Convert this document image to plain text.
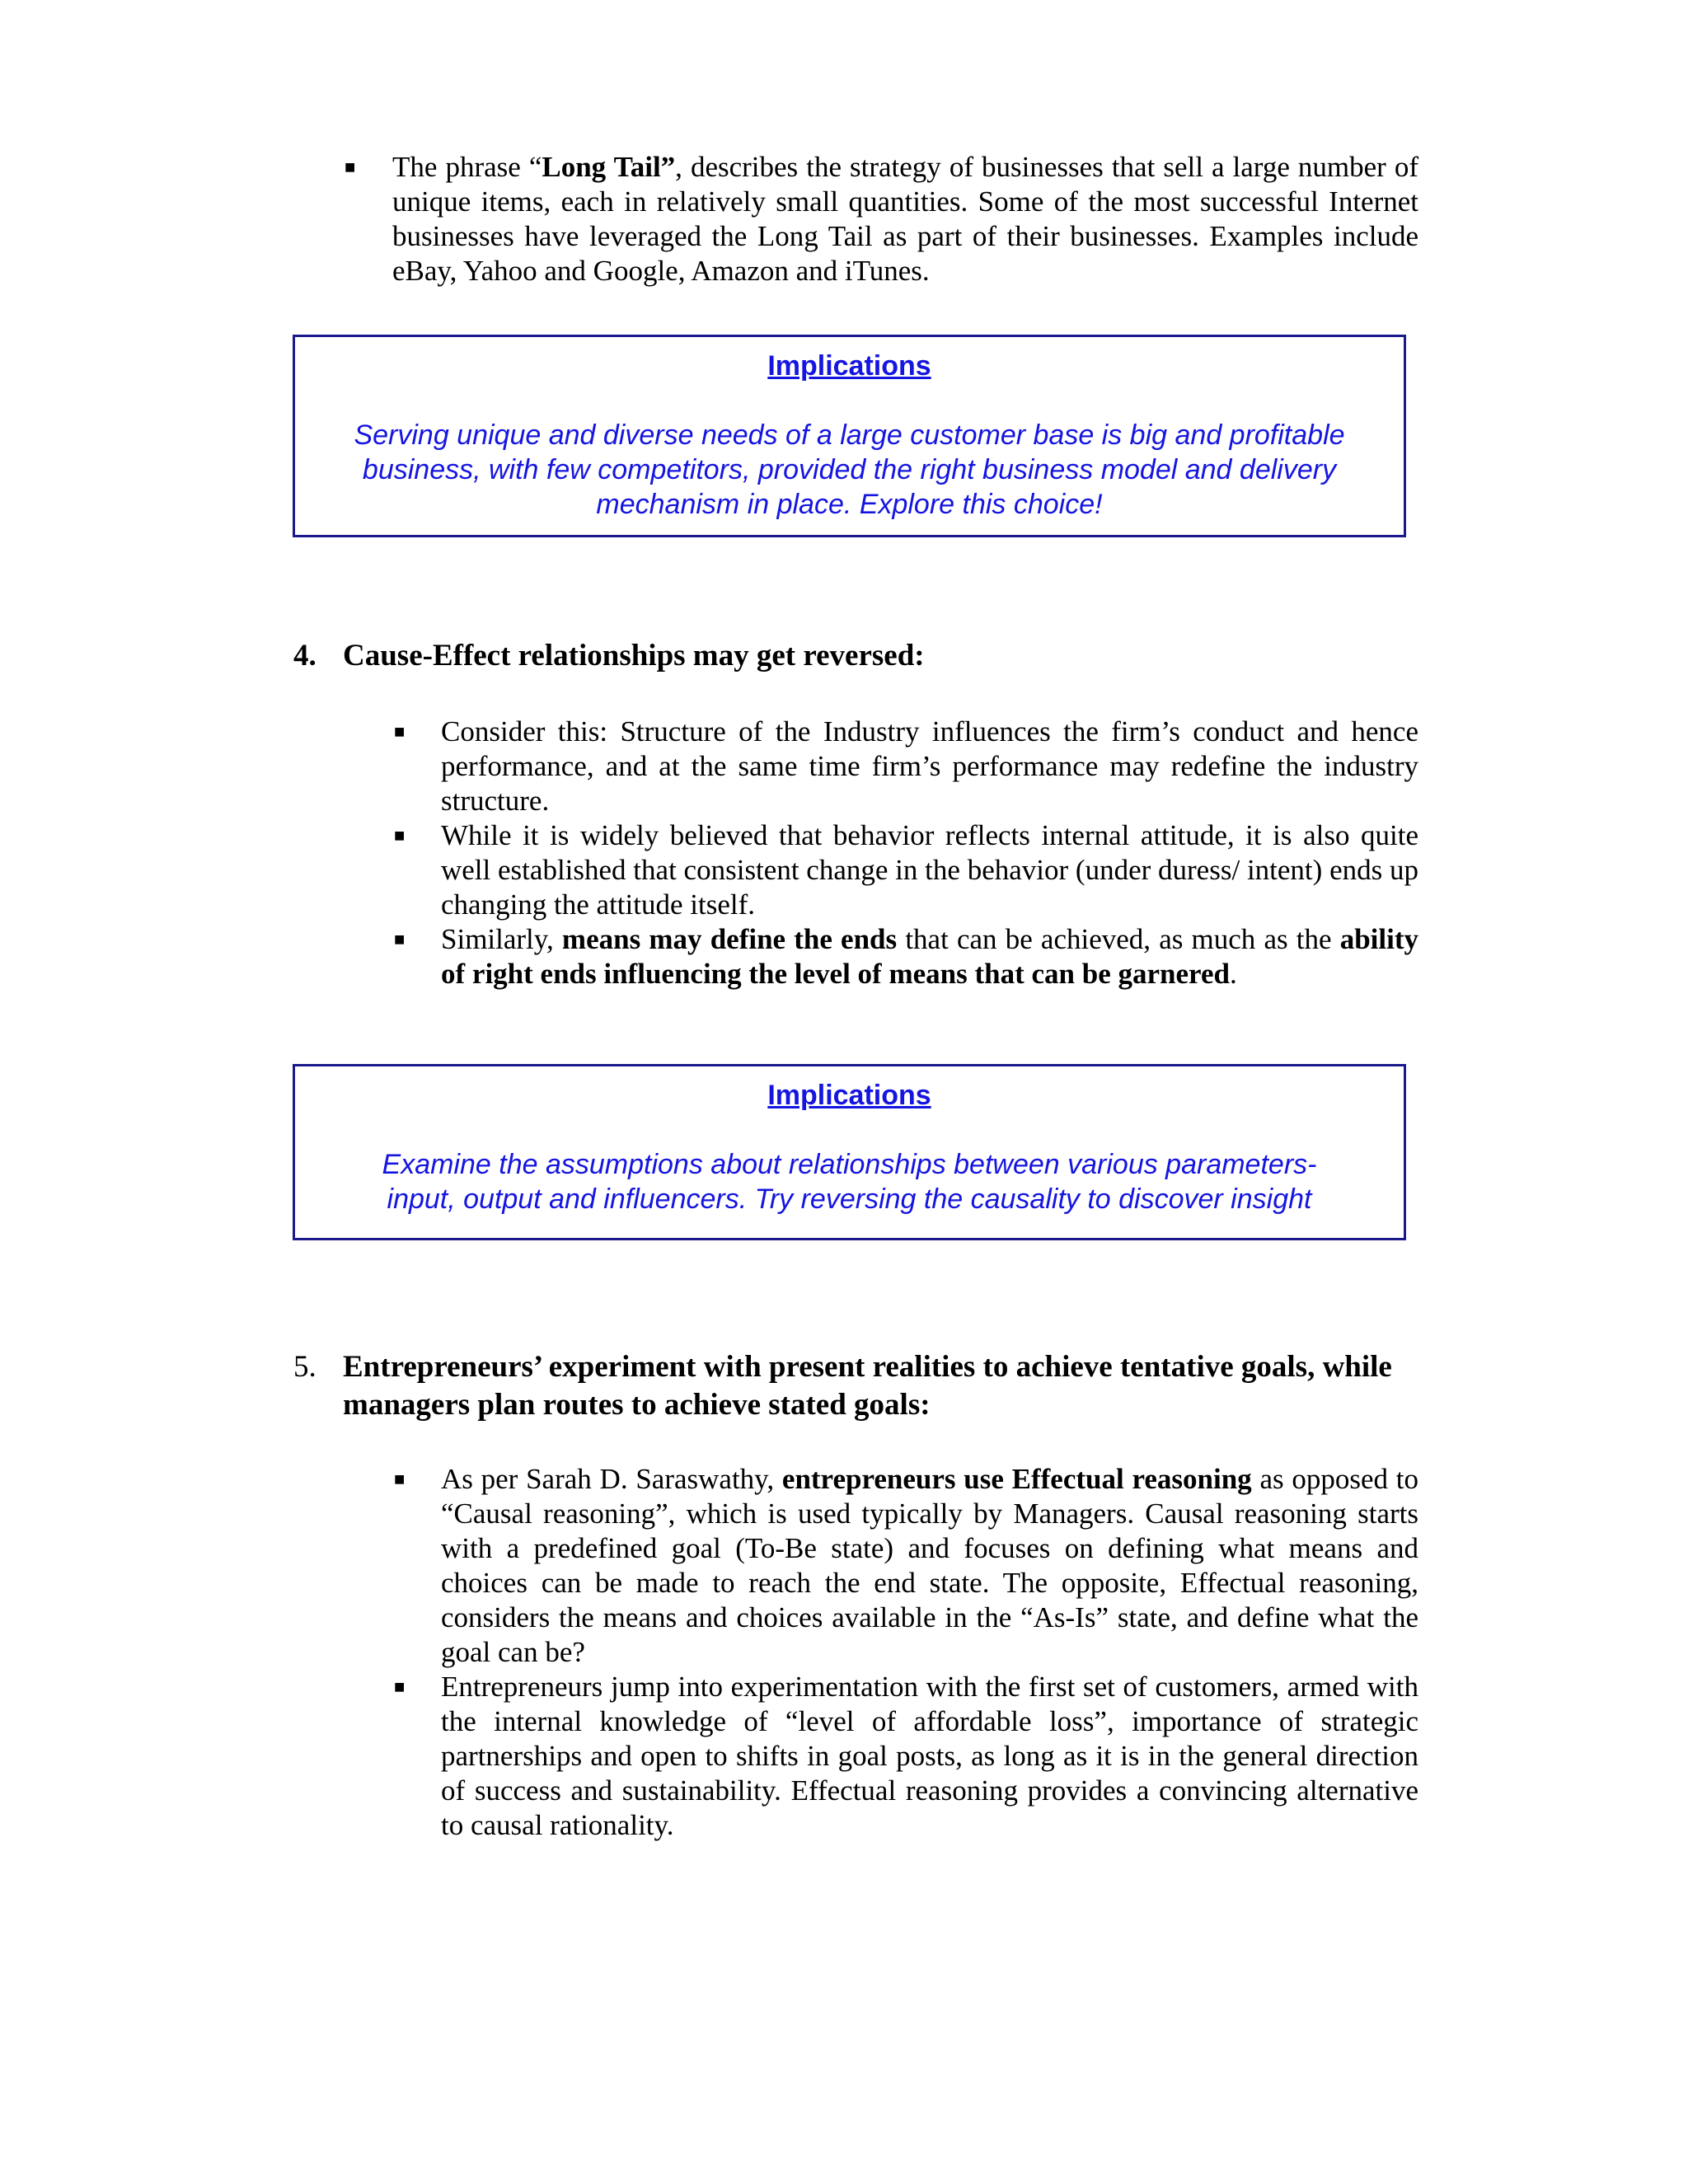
■ The phrase “Long Tail”, describes the strategy of businesses that sell a large number of unique items, each in relatively small quantities. Some of the most successful Internet businesses have leveraged the Long Tail as part of their businesses. Examples include eBay, Yahoo and Google, Amazon and iTunes.
Implications
Serving unique and diverse needs of a large customer base is big and profitable business, with few competitors, provided the right business model and delivery mechanism in place. Explore this choice!
4. Cause-Effect relationships may get reversed:
■ Consider this: Structure of the Industry influences the firm’s conduct and hence performance, and at the same time firm’s performance may redefine the industry structure.
■ While it is widely believed that behavior reflects internal attitude, it is also quite well established that consistent change in the behavior (under duress/ intent) ends up changing the attitude itself.
■ Similarly, means may define the ends that can be achieved, as much as the ability of right ends influencing the level of means that can be garnered.
Implications
Examine the assumptions about relationships between various parameters- input, output and influencers. Try reversing the causality to discover insight
5. Entrepreneurs’ experiment with present realities to achieve tentative goals, while managers plan routes to achieve stated goals:
■ As per Sarah D. Saraswathy, entrepreneurs use Effectual reasoning as opposed to “Causal reasoning”, which is used typically by Managers. Causal reasoning starts with a predefined goal (To-Be state) and focuses on defining what means and choices can be made to reach the end state. The opposite, Effectual reasoning, considers the means and choices available in the “As-Is” state, and define what the goal can be?
■ Entrepreneurs jump into experimentation with the first set of customers, armed with the internal knowledge of “level of affordable loss”, importance of strategic partnerships and open to shifts in goal posts, as long as it is in the general direction of success and sustainability. Effectual reasoning provides a convincing alternative to causal rationality.
